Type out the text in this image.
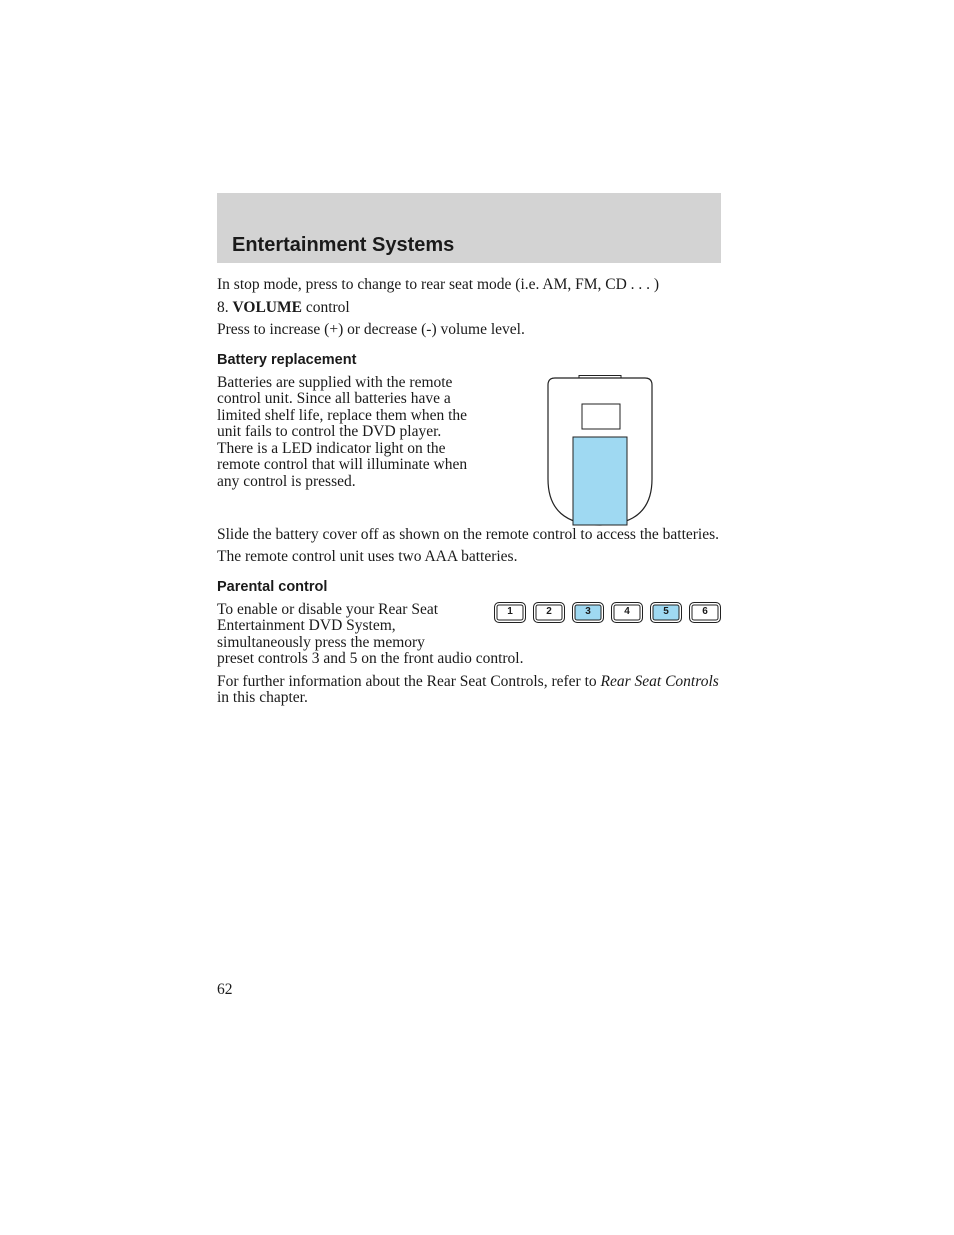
Entertainment Systems

In stop mode, press to change to rear seat mode (i.e. AM, FM, CD . . . )

8. VOLUME control

Press to increase (+) or decrease (-) volume level.

Battery replacement

Batteries are supplied with the remote control unit. Since all batteries have a limited shelf life, replace them when the unit fails to control the DVD player. There is a LED indicator light on the remote control that will illuminate when any control is pressed.

Slide the battery cover off as shown on the remote control to access the batteries.

The remote control unit uses two AAA batteries.

Parental control
To enable or disable your Rear Seat Entertainment DVD System, simultaneously press the memory
1	2	3	4	5	6

preset controls 3 and 5 on the front audio control.

For further information about the Rear Seat Controls, refer to Rear Seat Controls in this chapter.

62
